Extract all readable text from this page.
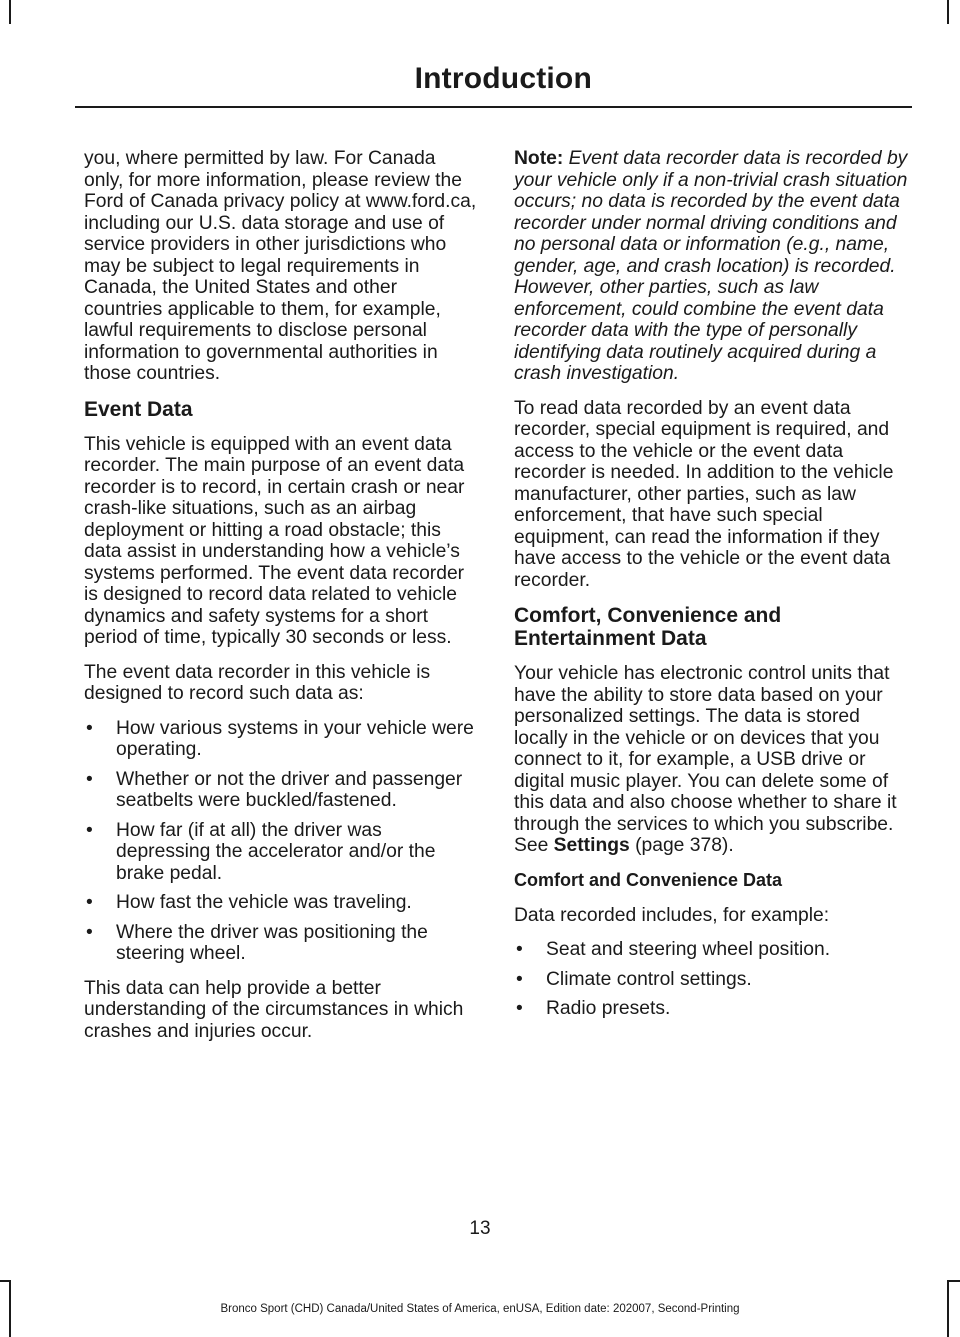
Introduction

you, where permitted by law. For Canada only, for more information, please review the Ford of Canada privacy policy at www.ford.ca, including our U.S. data storage and use of service providers in other jurisdictions who may be subject to legal requirements in Canada, the United States and other countries applicable to them, for example, lawful requirements to disclose personal information to governmental authorities in those countries.

Event Data

This vehicle is equipped with an event data recorder. The main purpose of an event data recorder is to record, in certain crash or near crash-like situations, such as an airbag deployment or hitting a road obstacle; this data assist in understanding how a vehicle’s systems performed. The event data recorder is designed to record data related to vehicle dynamics and safety systems for a short period of time, typically 30 seconds or less.

The event data recorder in this vehicle is designed to record such data as:

• How various systems in your vehicle were operating.
• Whether or not the driver and passenger seatbelts were buckled/fastened.
• How far (if at all) the driver was depressing the accelerator and/or the brake pedal.
• How fast the vehicle was traveling.
• Where the driver was positioning the steering wheel.

This data can help provide a better understanding of the circumstances in which crashes and injuries occur.

Note: Event data recorder data is recorded by your vehicle only if a non-trivial crash situation occurs; no data is recorded by the event data recorder under normal driving conditions and no personal data or information (e.g., name, gender, age, and crash location) is recorded. However, other parties, such as law enforcement, could combine the event data recorder data with the type of personally identifying data routinely acquired during a crash investigation.

To read data recorded by an event data recorder, special equipment is required, and access to the vehicle or the event data recorder is needed. In addition to the vehicle manufacturer, other parties, such as law enforcement, that have such special equipment, can read the information if they have access to the vehicle or the event data recorder.

Comfort, Convenience and Entertainment Data

Your vehicle has electronic control units that have the ability to store data based on your personalized settings. The data is stored locally in the vehicle or on devices that you connect to it, for example, a USB drive or digital music player. You can delete some of this data and also choose whether to share it through the services to which you subscribe. See Settings (page 378).

Comfort and Convenience Data

Data recorded includes, for example:

• Seat and steering wheel position.
• Climate control settings.
• Radio presets.
13
Bronco Sport (CHD) Canada/United States of America, enUSA, Edition date: 202007, Second-Printing
